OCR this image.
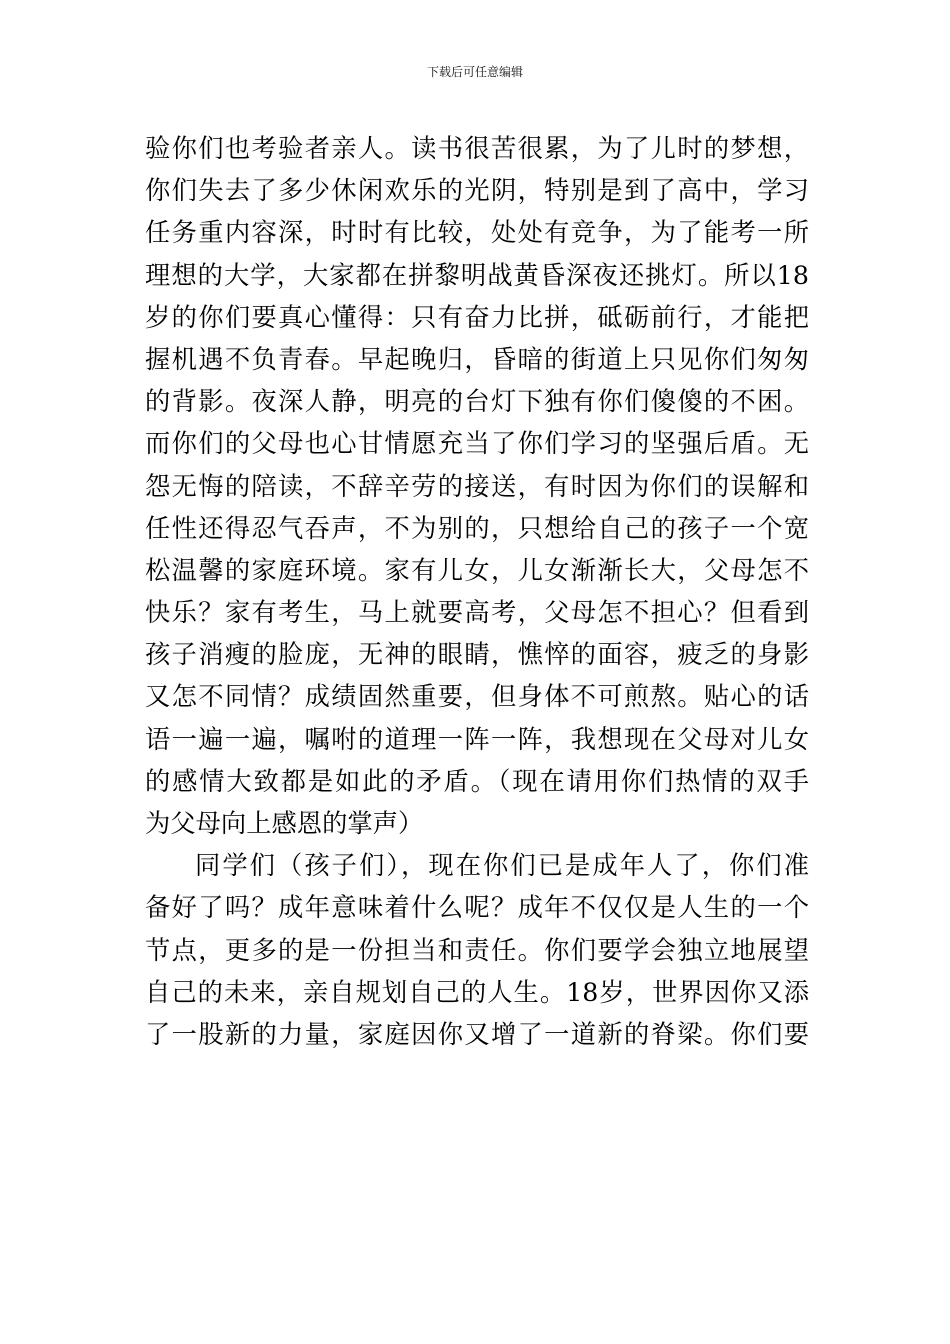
下载后可任意编辑
验你们也考验者亲人。读书很苦很累，为了儿时的梦想，
你们失去了多少休闲欢乐的光阴，特别是到了高中，学习
任务重内容深，时时有比较，处处有竞争，为了能考一所
理想的大学，大家都在拼黎明战黄昏深夜还挑灯。所以18
岁的你们要真心懂得：只有奋力比拼，砥砺前行，才能把
握机遇不负青春。早起晚归，昏暗的街道上只见你们匆匆
的背影。夜深人静，明亮的台灯下独有你们傻傻的不困。
而你们的父母也心甘情愿充当了你们学习的坚强后盾。无
怨无悔的陪读，不辞辛劳的接送，有时因为你们的误解和
任性还得忍气吞声，不为别的，只想给自己的孩子一个宽
松温馨的家庭环境。家有儿女，儿女渐渐长大，父母怎不
快乐？家有考生，马上就要高考，父母怎不担心？但看到
孩子消瘦的脸庞，无神的眼睛，憔悴的面容，疲乏的身影
又怎不同情？成绩固然重要，但身体不可煎熬。贴心的话
语一遍一遍，嘱咐的道理一阵一阵，我想现在父母对儿女
的感情大致都是如此的矛盾。（现在请用你们热情的双手
为父母向上感恩的掌声）
同学们（孩子们），现在你们已是成年人了，你们准
备好了吗？成年意味着什么呢？成年不仅仅是人生的一个
节点，更多的是一份担当和责任。你们要学会独立地展望
自己的未来，亲自规划自己的人生。18岁，世界因你又添
了一股新的力量，家庭因你又增了一道新的脊梁。你们要
